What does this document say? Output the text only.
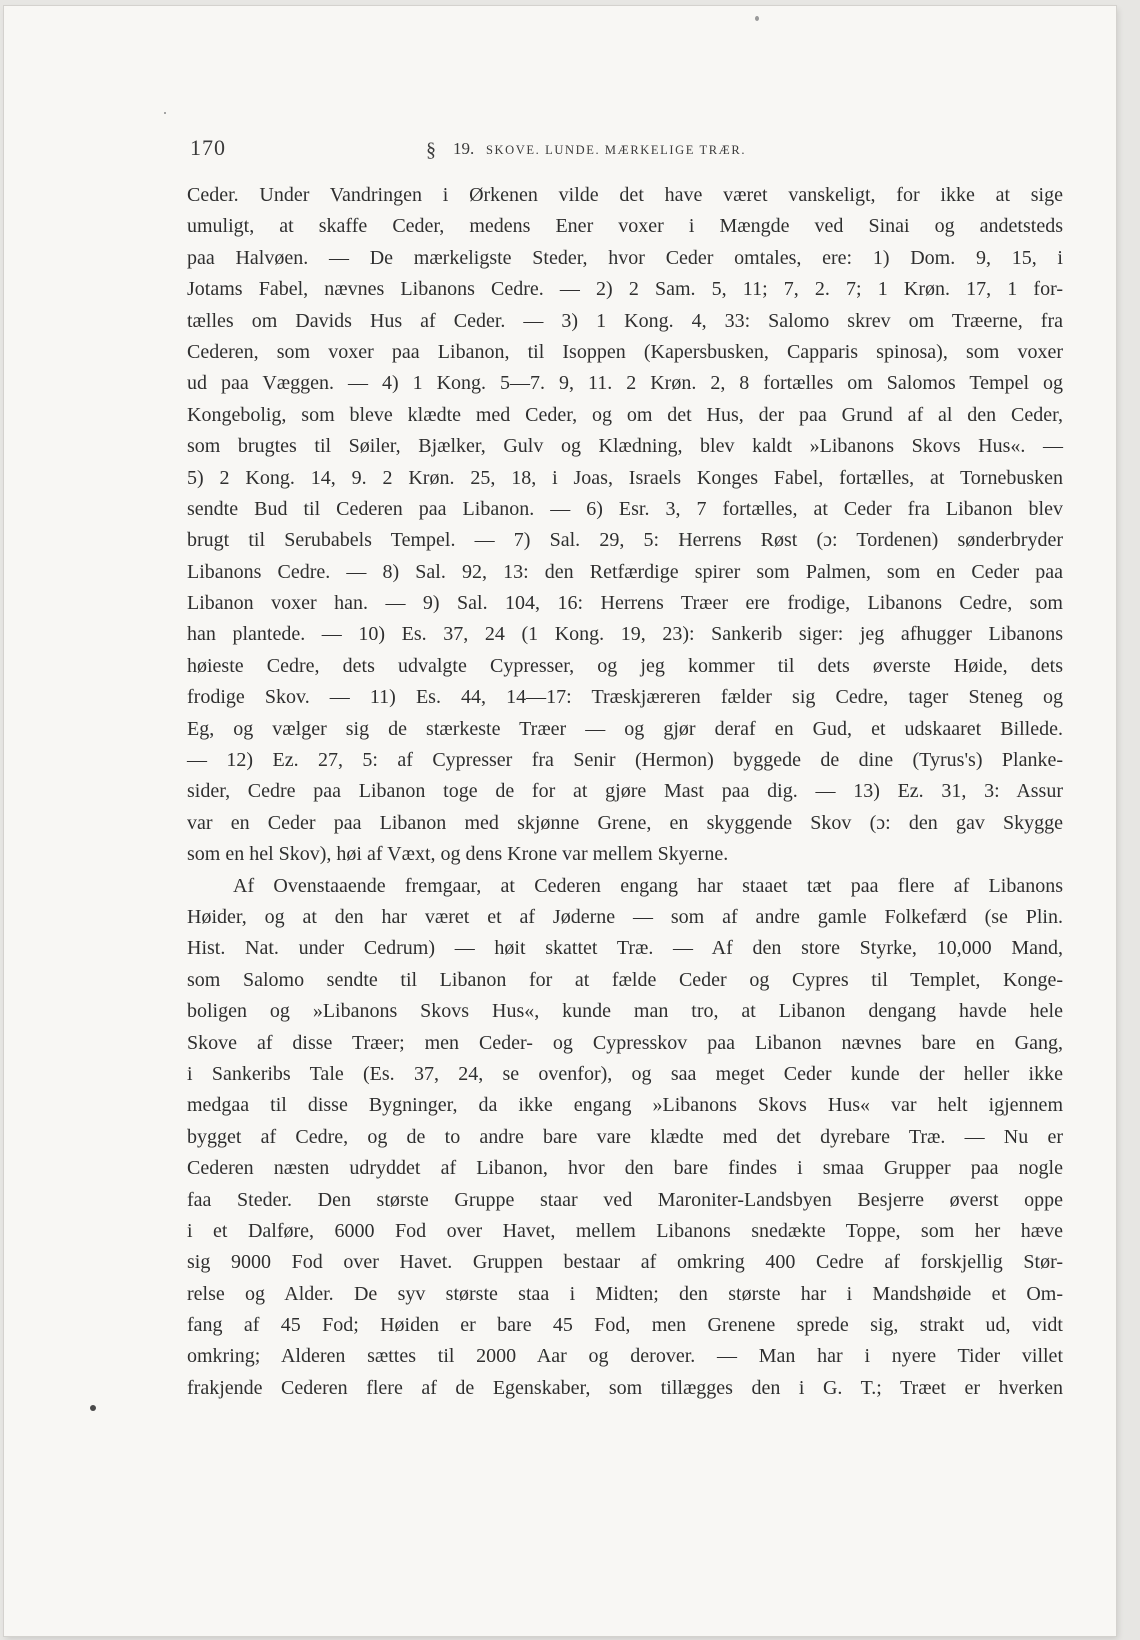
170	§ 19. SKOVE. LUNDE. MÆRKELIGE TRÆR.
Ceder. Under Vandringen i Ørkenen vilde det have været vanskeligt, for ikke at sige
umuligt, at skaffe Ceder, medens Ener voxer i Mængde ved Sinai og andetsteds
paa Halvøen. — De mærkeligste Steder, hvor Ceder omtales, ere: 1) Dom. 9, 15, i
Jotams Fabel, nævnes Libanons Cedre. — 2) 2 Sam. 5, 11; 7, 2. 7; 1 Krøn. 17, 1 for-
tælles om Davids Hus af Ceder. — 3) 1 Kong. 4, 33: Salomo skrev om Træerne, fra
Cederen, som voxer paa Libanon, til Isoppen (Kapersbusken, Capparis spinosa), som voxer
ud paa Væggen. — 4) 1 Kong. 5—7. 9, 11. 2 Krøn. 2, 8 fortælles om Salomos Tempel og
Kongebolig, som bleve klædte med Ceder, og om det Hus, der paa Grund af al den Ceder,
som brugtes til Søiler, Bjælker, Gulv og Klædning, blev kaldt »Libanons Skovs Hus«. —
5) 2 Kong. 14, 9. 2 Krøn. 25, 18, i Joas, Israels Konges Fabel, fortælles, at Tornebusken
sendte Bud til Cederen paa Libanon. — 6) Esr. 3, 7 fortælles, at Ceder fra Libanon blev
brugt til Serubabels Tempel. — 7) Sal. 29, 5: Herrens Røst (ɔ: Tordenen) sønderbryder
Libanons Cedre. — 8) Sal. 92, 13: den Retfærdige spirer som Palmen, som en Ceder paa
Libanon voxer han. — 9) Sal. 104, 16: Herrens Træer ere frodige, Libanons Cedre, som
han plantede. — 10) Es. 37, 24 (1 Kong. 19, 23): Sankerib siger: jeg afhugger Libanons
høieste Cedre, dets udvalgte Cypresser, og jeg kommer til dets øverste Høide, dets
frodige Skov. — 11) Es. 44, 14—17: Træskjæreren fælder sig Cedre, tager Steneg og
Eg, og vælger sig de stærkeste Træer — og gjør deraf en Gud, et udskaaret Billede.
— 12) Ez. 27, 5: af Cypresser fra Senir (Hermon) byggede de dine (Tyrus's) Planke-
sider, Cedre paa Libanon toge de for at gjøre Mast paa dig. — 13) Ez. 31, 3: Assur
var en Ceder paa Libanon med skjønne Grene, en skyggende Skov (ɔ: den gav Skygge
som en hel Skov), høi af Væxt, og dens Krone var mellem Skyerne.
Af Ovenstaaende fremgaar, at Cederen engang har staaet tæt paa flere af Libanons
Høider, og at den har været et af Jøderne — som af andre gamle Folkefærd (se Plin.
Hist. Nat. under Cedrum) — høit skattet Træ. — Af den store Styrke, 10,000 Mand,
som Salomo sendte til Libanon for at fælde Ceder og Cypres til Templet, Konge-
boligen og »Libanons Skovs Hus«, kunde man tro, at Libanon dengang havde hele
Skove af disse Træer; men Ceder- og Cypresskov paa Libanon nævnes bare en Gang,
i Sankeribs Tale (Es. 37, 24, se ovenfor), og saa meget Ceder kunde der heller ikke
medgaa til disse Bygninger, da ikke engang »Libanons Skovs Hus« var helt igjennem
bygget af Cedre, og de to andre bare vare klædte med det dyrebare Træ. — Nu er
Cederen næsten udryddet af Libanon, hvor den bare findes i smaa Grupper paa nogle
faa Steder. Den største Gruppe staar ved Maroniter-Landsbyen Besjerre øverst oppe
i et Dalføre, 6000 Fod over Havet, mellem Libanons snedækte Toppe, som her hæve
sig 9000 Fod over Havet. Gruppen bestaar af omkring 400 Cedre af forskjellig Stør-
relse og Alder. De syv største staa i Midten; den største har i Mandshøide et Om-
fang af 45 Fod; Høiden er bare 45 Fod, men Grenene sprede sig, strakt ud, vidt
omkring; Alderen sættes til 2000 Aar og derover. — Man har i nyere Tider villet
frakjende Cederen flere af de Egenskaber, som tillægges den i G. T.; Træet er hverken
